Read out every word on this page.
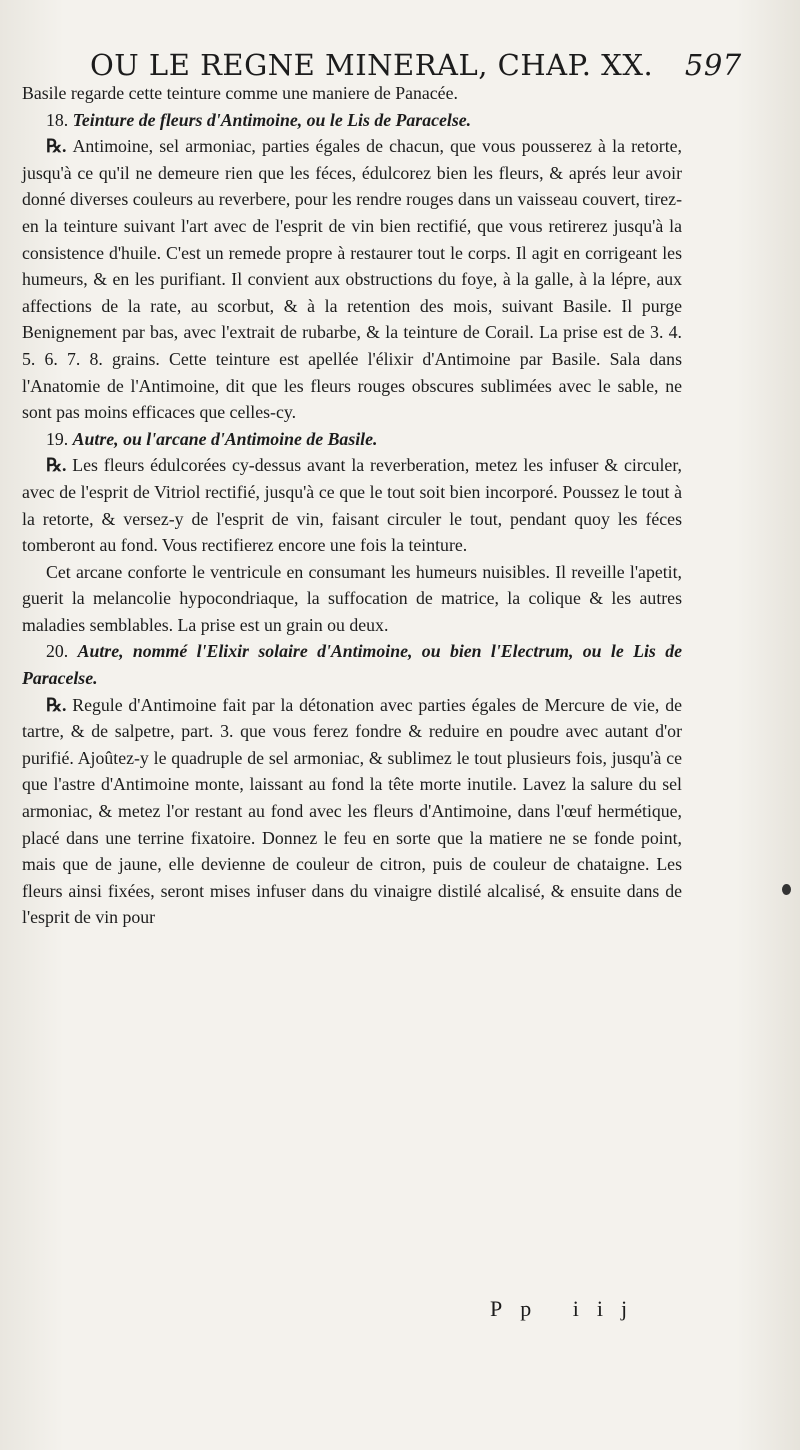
OU LE REGNE MINERAL, CHAP. XX. 597

Basile regarde cette teinture comme une maniere de Panacée.

18. Teinture de fleurs d'Antimoine, ou le Lis de Paracelse.

℞. Antimoine, sel armoniac, parties égales de chacun, que vous pousserez à la retorte, jusqu'à ce qu'il ne demeure rien que les féces, édulcorez bien les fleurs, & aprés leur avoir donné diverses couleurs au reverbere, pour les rendre rouges dans un vaisseau couvert, tirez-en la teinture suivant l'art avec de l'esprit de vin bien rectifié, que vous retirerez jusqu'à la consistence d'huile. C'est un remede propre à restaurer tout le corps. Il agit en corrigeant les humeurs, & en les purifiant. Il convient aux obstructions du foye, à la galle, à la lépre, aux affections de la rate, au scorbut, & à la retention des mois, suivant Basile. Il purge Benignement par bas, avec l'extrait de rubarbe, & la teinture de Corail. La prise est de 3. 4. 5. 6. 7. 8. grains. Cette teinture est apellée l'élixir d'Antimoine par Basile. Sala dans l'Anatomie de l'Antimoine, dit que les fleurs rouges obscures sublimées avec le sable, ne sont pas moins efficaces que celles-cy.

19. Autre, ou l'arcane d'Antimoine de Basile.

℞. Les fleurs édulcorées cy-dessus avant la reverberation, metez les infuser & circuler, avec de l'esprit de Vitriol rectifié, jusqu'à ce que le tout soit bien incorporé. Poussez le tout à la retorte, & versez-y de l'esprit de vin, faisant circuler le tout, pendant quoy les féces tomberont au fond. Vous rectifierez encore une fois la teinture.

Cet arcane conforte le ventricule en consumant les humeurs nuisibles. Il reveille l'apetit, guerit la melancolie hypocondriaque, la suffocation de matrice, la colique & les autres maladies semblables. La prise est un grain ou deux.

20. Autre, nommé l'Elixir solaire d'Antimoine, ou bien l'Electrum, ou le Lis de Paracelse.

℞. Regule d'Antimoine fait par la détonation avec parties égales de Mercure de vie, de tartre, & de salpetre, part. 3. que vous ferez fondre & reduire en poudre avec autant d'or purifié. Ajoûtez-y le quadruple de sel armoniac, & sublimez le tout plusieurs fois, jusqu'à ce que l'astre d'Antimoine monte, laissant au fond la tête morte inutile. Lavez la salure du sel armoniac, & metez l'or restant au fond avec les fleurs d'Antimoine, dans l'œuf hermétique, placé dans une terrine fixatoire. Donnez le feu en sorte que la matiere ne se fonde point, mais que de jaune, elle devienne de couleur de citron, puis de couleur de chataigne. Les fleurs ainsi fixées, seront mises infuser dans du vinaigre distilé alcalisé, & ensuite dans de l'esprit de vin pour

Pp iij
